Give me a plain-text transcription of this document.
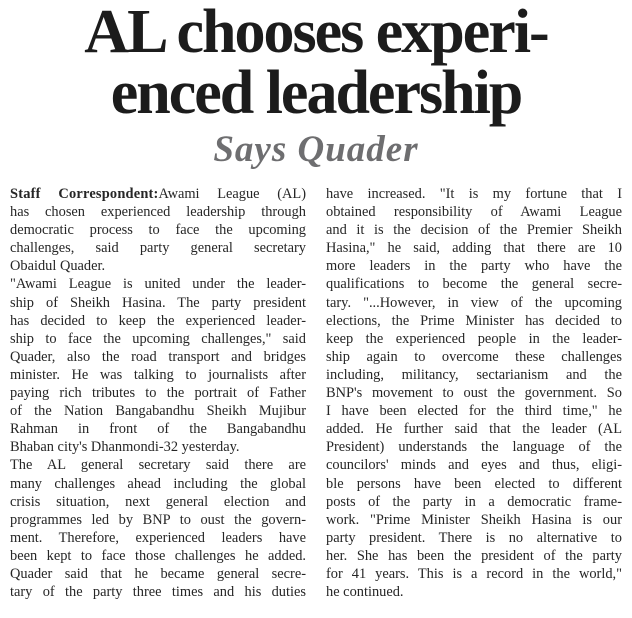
AL chooses experi-
enced leadership
Says Quader
Staff Correspondent:Awami League (AL)
has chosen experienced leadership through
democratic process to face the upcoming
challenges, said party general secretary
Obaidul Quader.
"Awami League is united under the leader-
ship of Sheikh Hasina. The party president
has decided to keep the experienced leader-
ship to face the upcoming challenges," said
Quader, also the road transport and bridges
minister. He was talking to journalists after
paying rich tributes to the portrait of Father
of the Nation Bangabandhu Sheikh Mujibur
Rahman in front of the Bangabandhu
Bhaban city's Dhanmondi-32 yesterday.
The AL general secretary said there are
many challenges ahead including the global
crisis situation, next general election and
programmes led by BNP to oust the govern-
ment. Therefore, experienced leaders have
been kept to face those challenges he added.
Quader said that he became general secre-
tary of the party three times and his duties
have increased. "It is my fortune that I
obtained responsibility of Awami League
and it is the decision of the Premier Sheikh
Hasina," he said, adding that there are 10
more leaders in the party who have the
qualifications to become the general secre-
tary. "...However, in view of the upcoming
elections, the Prime Minister has decided to
keep the experienced people in the leader-
ship again to overcome these challenges
including, militancy, sectarianism and the
BNP's movement to oust the government. So
I have been elected for the third time," he
added. He further said that the leader (AL
President) understands the language of the
councilors' minds and eyes and thus, eligi-
ble persons have been elected to different
posts of the party in a democratic frame-
work. "Prime Minister Sheikh Hasina is our
party president. There is no alternative to
her. She has been the president of the party
for 41 years. This is a record in the world,"
he continued.
